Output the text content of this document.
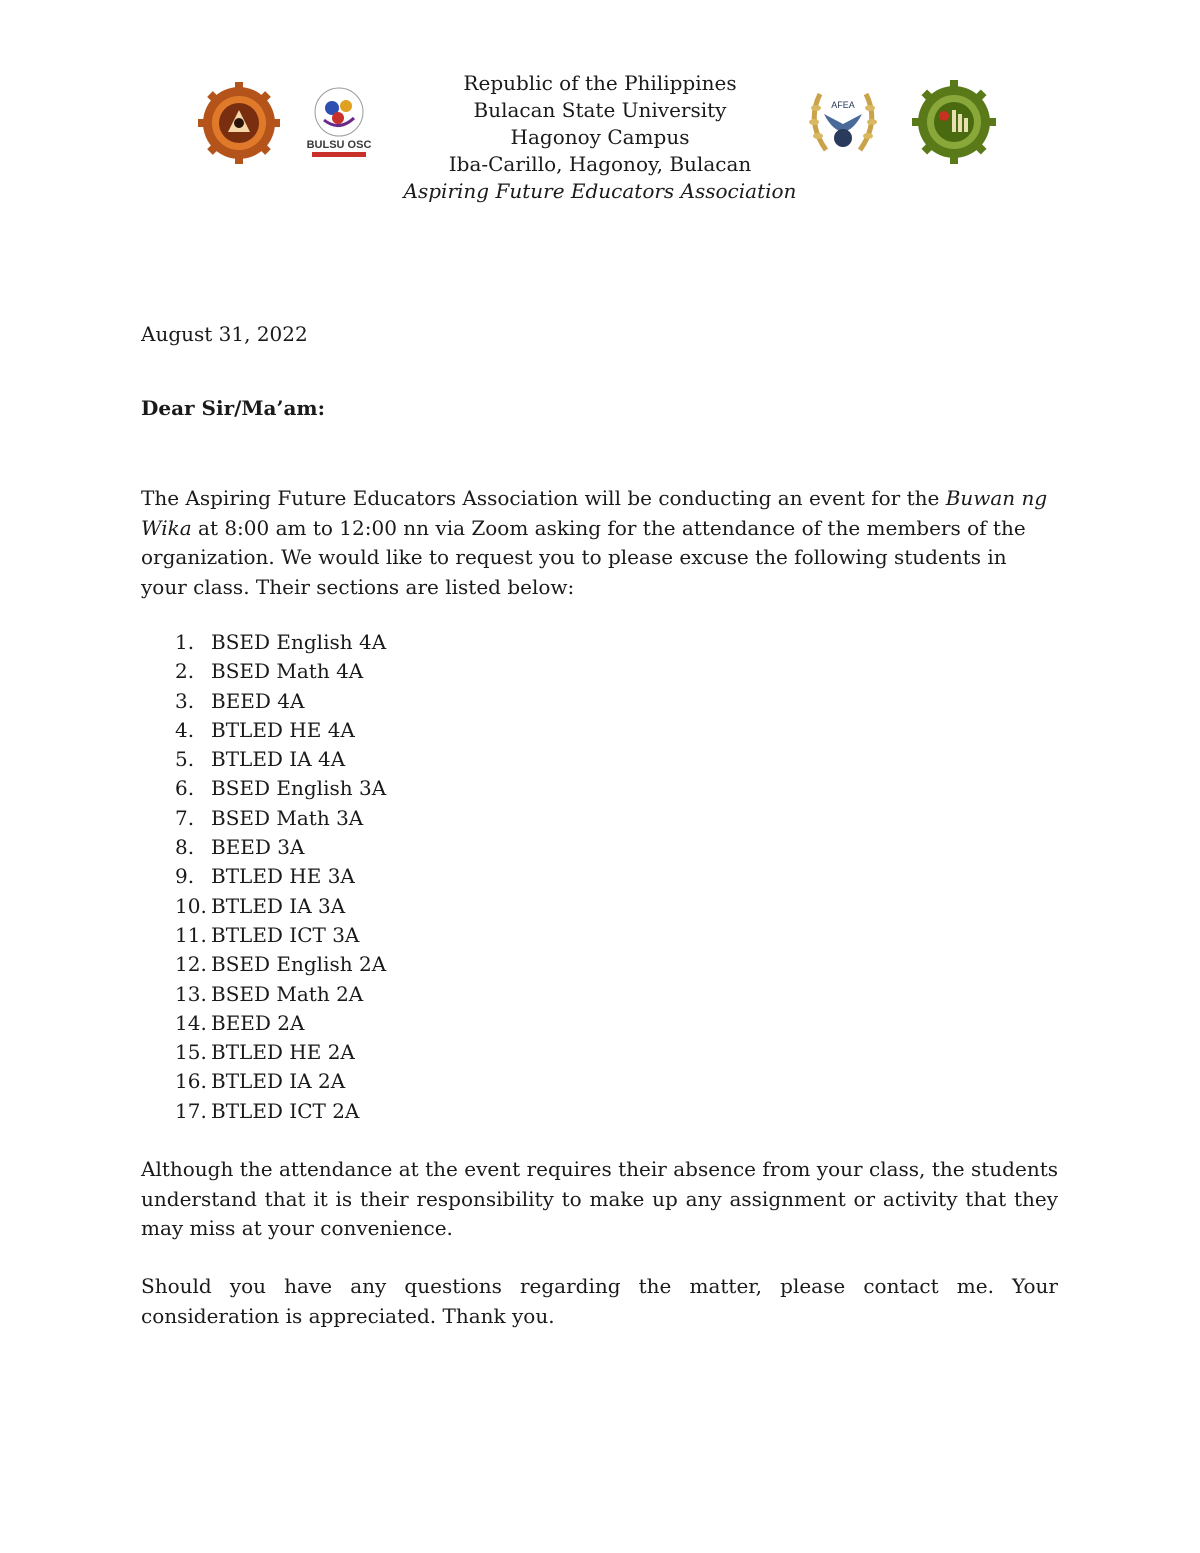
BULSU OSC
Republic of the Philippines
Bulacan State University
Hagonoy Campus
Iba-Carillo, Hagonoy, Bulacan
Aspiring Future Educators Association
AFEA
August 31, 2022
Dear Sir/Ma’am:

The Aspiring Future Educators Association will be conducting an event for the Buwan ng Wika at 8:00 am to 12:00 nn via Zoom asking for the attendance of the members of the organization. We would like to request you to please excuse the following students in your class. Their sections are listed below:

1. BSED English 4A
2. BSED Math 4A
3. BEED 4A
4. BTLED HE 4A
5. BTLED IA 4A
6. BSED English 3A
7. BSED Math 3A
8. BEED 3A
9. BTLED HE 3A
10. BTLED IA 3A
11. BTLED ICT 3A
12. BSED English 2A
13. BSED Math 2A
14. BEED 2A
15. BTLED HE 2A
16. BTLED IA 2A
17. BTLED ICT 2A

Although the attendance at the event requires their absence from your class, the students understand that it is their responsibility to make up any assignment or activity that they may miss at your convenience.

Should you have any questions regarding the matter, please contact me. Your consideration is appreciated. Thank you.
